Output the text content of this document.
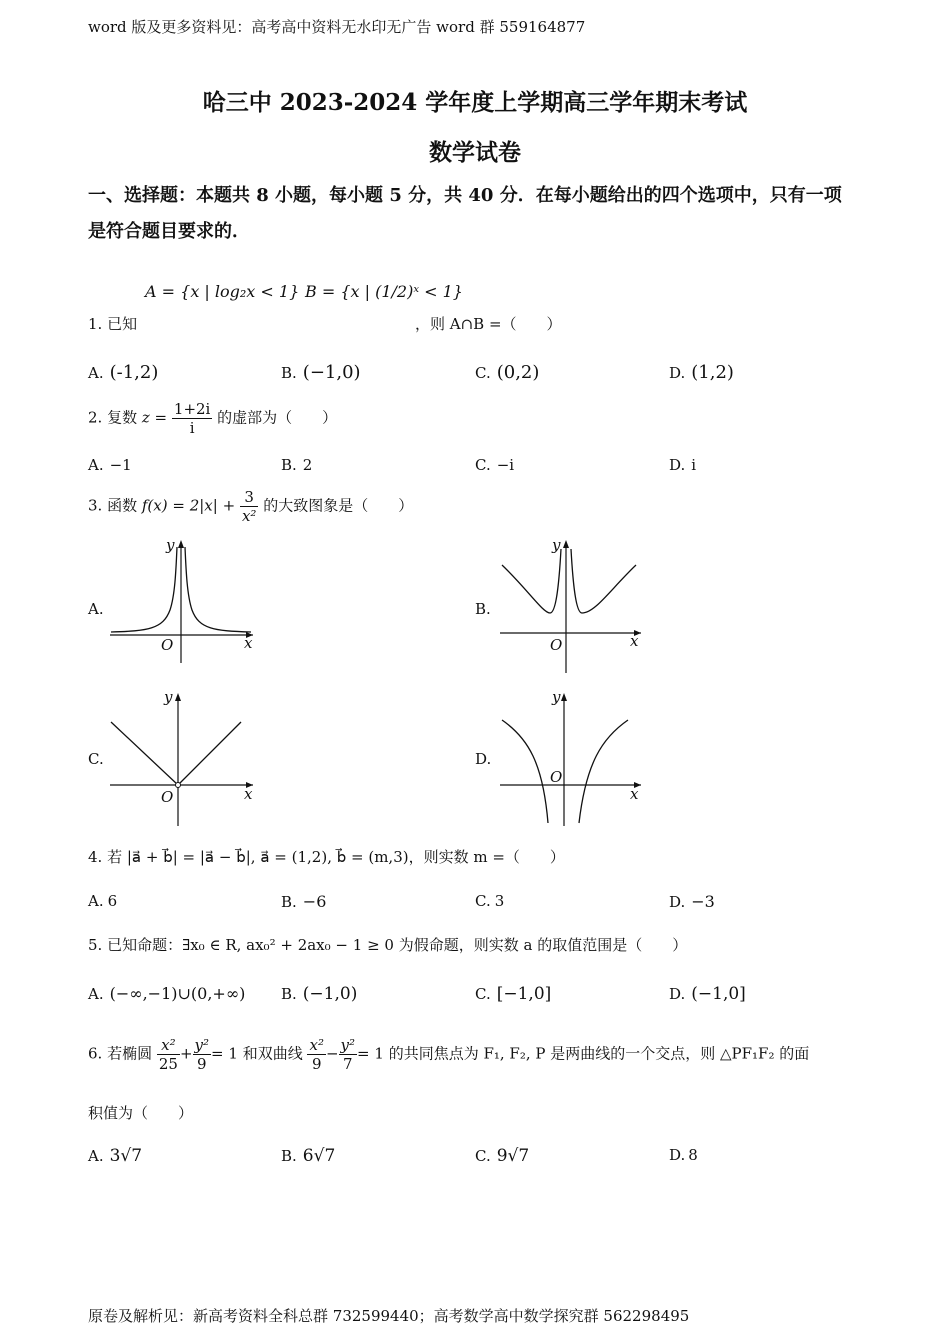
word 版及更多资料见：高考高中资料无水印无广告 word 群 559164877
哈三中 2023-2024 学年度上学期高三学年期末考试
数学试卷
一、选择题：本题共 8 小题，每小题 5 分，共 40 分．在每小题给出的四个选项中，只有一项
是符合题目要求的．
1. 已知
A = {x | log₂x < 1} B = {x | (1/2)ˣ < 1}
，则 A∩B =（　　）
A. (-1,2)	B. (−1,0)	C. (0,2)	D. (1,2)
2. 复数 $z = \frac{1+2i}{i}$ 的虚部为（　　）
A. −1	B. 2	C. −i	D. i
3. 函数 $f(x) = 2|x| + \frac{3}{\text{x²}}$ 的大致图象是（　　）
A.
y
x
O
B.
y
x
O
C.
y
x
O
D.
y
x
O
4. 若 |a⃗ + b⃗| = |a⃗ − b⃗|, a⃗ = (1,2), b⃗ = (m,3)，则实数 m =（　　）
A. 6	B. −6	C. 3	D. −3
5. 已知命题：∃x₀ ∈ R, ax₀² + 2ax₀ − 1 ≥ 0 为假命题，则实数 a 的取值范围是（　　）
A. (−∞,−1)∪(0,+∞) B. (−1,0)	C. [−1,0]	D. (−1,0]
6. 若椭圆 $\frac{\text{x²}}{25} + \frac{\text{y²}}{9} = 1$ 和双曲线 $\frac{\text{x²}}{9} - \frac{\text{y²}}{7} = 1$ 的共同焦点为 F₁, F₂, P 是两曲线的一个交点，则 △PF₁F₂ 的面
积值为（　　）
A. 3√7	B. 6√7	C. 9√7	D. 8
原卷及解析见：新高考资料全科总群 732599440；高考数学高中数学探究群 562298495
